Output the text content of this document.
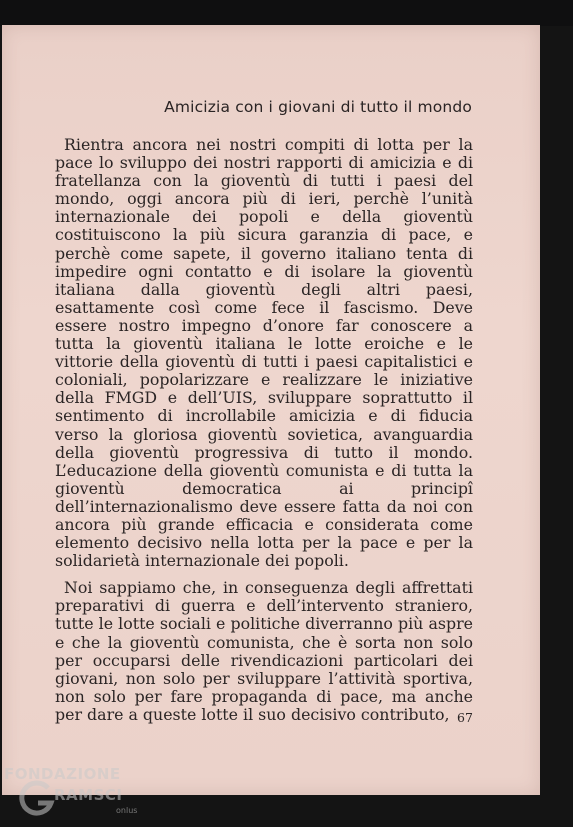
Amicizia con i giovani di tutto il mondo

Rientra ancora nei nostri compiti di lotta per la pace lo sviluppo dei nostri rapporti di amicizia e di fratellanza con la gioventù di tutti i paesi del mondo, oggi ancora più di ieri, perchè l’unità internazionale dei popoli e della gioventù costituiscono la più sicura garanzia di pace, e perchè come sapete, il governo italiano tenta di impedire ogni contatto e di isolare la gioventù italiana dalla gioventù degli altri paesi, esattamente così come fece il fascismo. Deve essere nostro impegno d’onore far conoscere a tutta la gioventù italiana le lotte eroiche e le vittorie della gioventù di tutti i paesi capitalistici e coloniali, popolarizzare e realizzare le iniziative della FMGD e dell’UIS, sviluppare soprattutto il sentimento di incrollabile amicizia e di fiducia verso la gloriosa gioventù sovietica, avanguardia della gioventù progressiva di tutto il mondo. L’educazione della gioventù comunista e di tutta la gioventù democratica ai principî dell’internazionalismo deve essere fatta da noi con ancora più grande efficacia e considerata come elemento decisivo nella lotta per la pace e per la solidarietà internazionale dei popoli.

Noi sappiamo che, in conseguenza degli affrettati preparativi di guerra e dell’intervento straniero, tutte le lotte sociali e politiche diverranno più aspre e che la gioventù comunista, che è sorta non solo per occuparsi delle rivendicazioni particolari dei giovani, non solo per sviluppare l’attività sportiva, non solo per fare propaganda di pace, ma anche per dare a queste lotte il suo decisivo contributo, 67
FONDAZIONE
RAMSCI
onlus
